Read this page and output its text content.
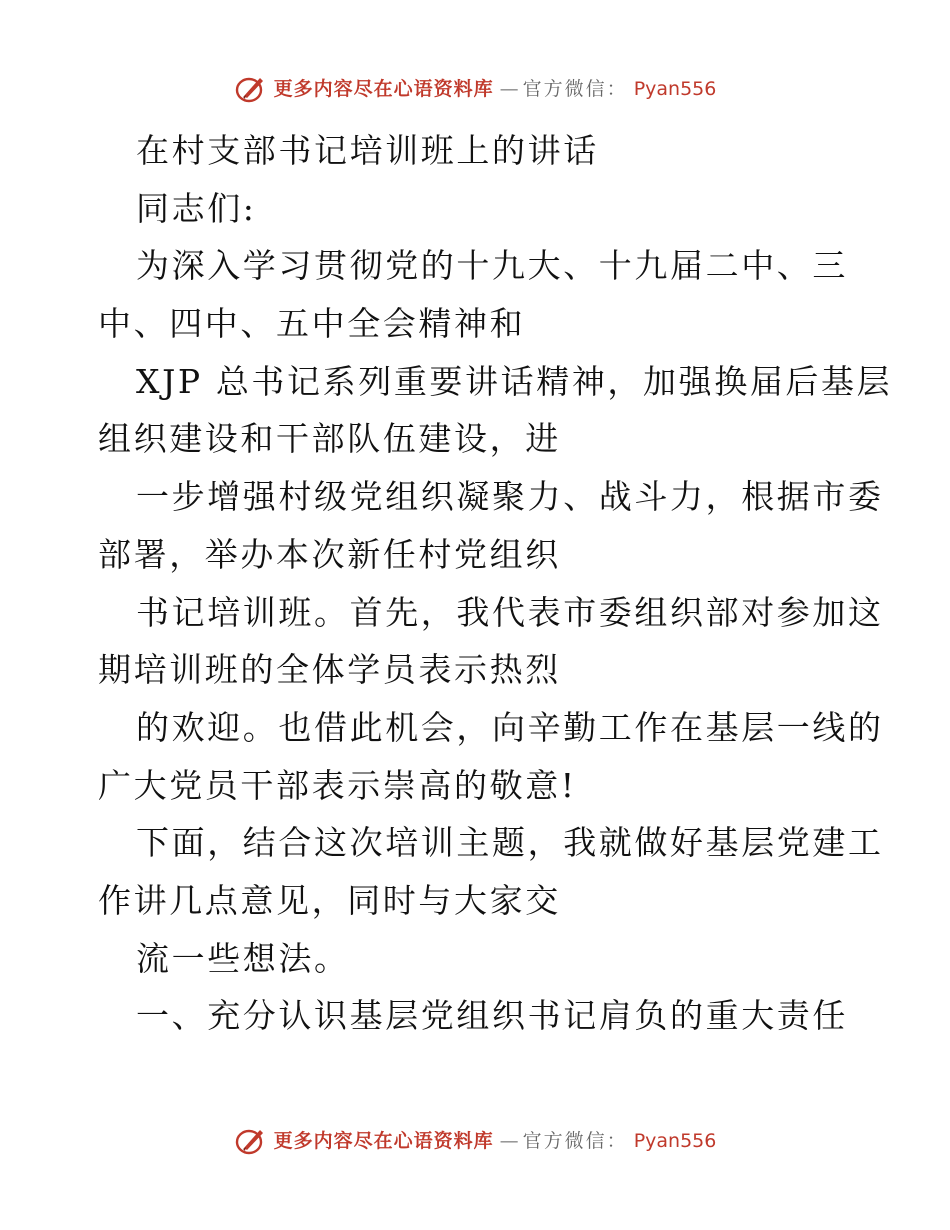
更多内容尽在心语资料库 — 官方微信： Pyan556
在村支部书记培训班上的讲话
同志们:
为深入学习贯彻党的十九大、十九届二中、三
中、四中、五中全会精神和
XJP 总书记系列重要讲话精神，加强换届后基层
组织建设和干部队伍建设，进
一步增强村级党组织凝聚力、战斗力，根据市委
部署，举办本次新任村党组织
书记培训班。首先，我代表市委组织部对参加这
期培训班的全体学员表示热烈
的欢迎。也借此机会，向辛勤工作在基层一线的
广大党员干部表示崇高的敬意!
下面，结合这次培训主题，我就做好基层党建工
作讲几点意见，同时与大家交
流一些想法。
一、充分认识基层党组织书记肩负的重大责任
更多内容尽在心语资料库 — 官方微信： Pyan556
